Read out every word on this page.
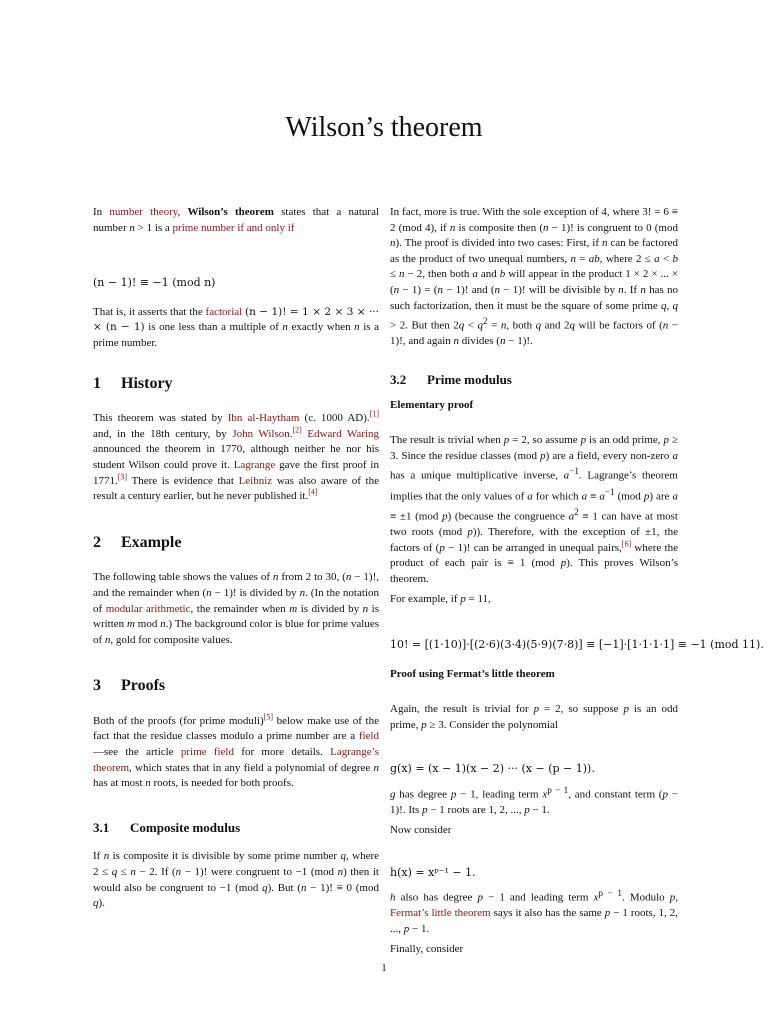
Wilson’s theorem

In number theory, Wilson’s theorem states that a natural number n > 1 is a prime number if and only if

(n − 1)! ≡ −1 (mod n)

That is, it asserts that the factorial (n − 1)! = 1 × 2 × 3 × ··· × (n − 1) is one less than a multiple of n exactly when n is a prime number.

1 History

This theorem was stated by Ibn al-Haytham (c. 1000 AD).[1] and, in the 18th century, by John Wilson.[2] Edward Waring announced the theorem in 1770, although neither he nor his student Wilson could prove it. Lagrange gave the first proof in 1771.[3] There is evidence that Leibniz was also aware of the result a century earlier, but he never published it.[4]

2 Example

The following table shows the values of n from 2 to 30, (n − 1)!, and the remainder when (n − 1)! is divided by n. (In the notation of modular arithmetic, the remainder when m is divided by n is written m mod n.) The background color is blue for prime values of n, gold for composite values.

3 Proofs

Both of the proofs (for prime moduli)[5] below make use of the fact that the residue classes modulo a prime number are a field—see the article prime field for more details. Lagrange’s theorem, which states that in any field a polynomial of degree n has at most n roots, is needed for both proofs.

3.1 Composite modulus

If n is composite it is divisible by some prime number q, where 2 ≤ q ≤ n − 2. If (n − 1)! were congruent to −1 (mod n) then it would also be congruent to −1 (mod q). But (n − 1)! ≡ 0 (mod q).

In fact, more is true. With the sole exception of 4, where 3! = 6 ≡ 2 (mod 4), if n is composite then (n − 1)! is congruent to 0 (mod n). The proof is divided into two cases: First, if n can be factored as the product of two unequal numbers, n = ab, where 2 ≤ a < b ≤ n − 2, then both a and b will appear in the product 1 × 2 × ... × (n − 1) = (n − 1)! and (n − 1)! will be divisible by n. If n has no such factorization, then it must be the square of some prime q, q > 2. But then $2q < q^2 = n$, both q and 2q will be factors of (n − 1)!, and again n divides (n − 1)!.

3.2 Prime modulus

Elementary proof

The result is trivial when p = 2, so assume p is an odd prime, p ≥ 3. Since the residue classes (mod p) are a field, every non-zero a has a unique multiplicative inverse, $a^{-1}$. Lagrange’s theorem implies that the only values of a for which $a \equiv a^{-1}$ (mod p) are a ≡ ±1 (mod p) (because the congruence $a^2 \equiv 1$ can have at most two roots (mod p)). Therefore, with the exception of ±1, the factors of (p − 1)! can be arranged in unequal pairs,[6] where the product of each pair is ≡ 1 (mod p). This proves Wilson’s theorem.

For example, if p = 11,

10! = [(1·10)]·[(2·6)(3·4)(5·9)(7·8)] ≡ [−1]·[1·1·1·1] ≡ −1 (mod 11).

Proof using Fermat’s little theorem

Again, the result is trivial for p = 2, so suppose p is an odd prime, p ≥ 3. Consider the polynomial

g(x) = (x − 1)(x − 2) ··· (x − (p − 1)).

g has degree p − 1, leading term $x^{p - 1}$, and constant term (p − 1)!. Its p − 1 roots are 1, 2, ..., p − 1.

Now consider

h(x) = xᵖ⁻¹ − 1.

h also has degree p − 1 and leading term $x^{p - 1}$. Modulo p, Fermat’s little theorem says it also has the same p − 1 roots, 1, 2, ..., p − 1.

Finally, consider

1
